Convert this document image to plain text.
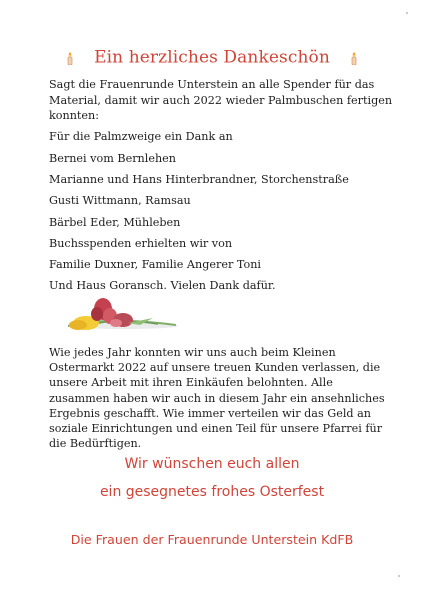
Ein herzliches Dankeschön
Sagt die Frauenrunde Unterstein an alle Spender für das Material, damit wir auch 2022 wieder Palmbuschen fertigen konnten:
Für die Palmzweige ein Dank an
Bernei vom Bernlehen
Marianne und Hans Hinterbrandner, Storchenstraße
Gusti Wittmann, Ramsau
Bärbel Eder, Mühleben
Buchsspenden erhielten wir von
Familie Duxner, Familie Angerer Toni
Und Haus Goransch. Vielen Dank dafür.
Wie jedes Jahr konnten wir uns auch beim Kleinen Ostermarkt 2022 auf unsere treuen Kunden verlassen, die unsere Arbeit mit ihren Einkäufen belohnten. Alle zusammen haben wir auch in diesem Jahr ein ansehnliches Ergebnis geschafft. Wie immer verteilen wir das Geld an soziale Einrichtungen und einen Teil für unsere Pfarrei für die Bedürftigen.
Wir wünschen euch allen
ein gesegnetes frohes Osterfest
Die Frauen der Frauenrunde Unterstein KdFB
